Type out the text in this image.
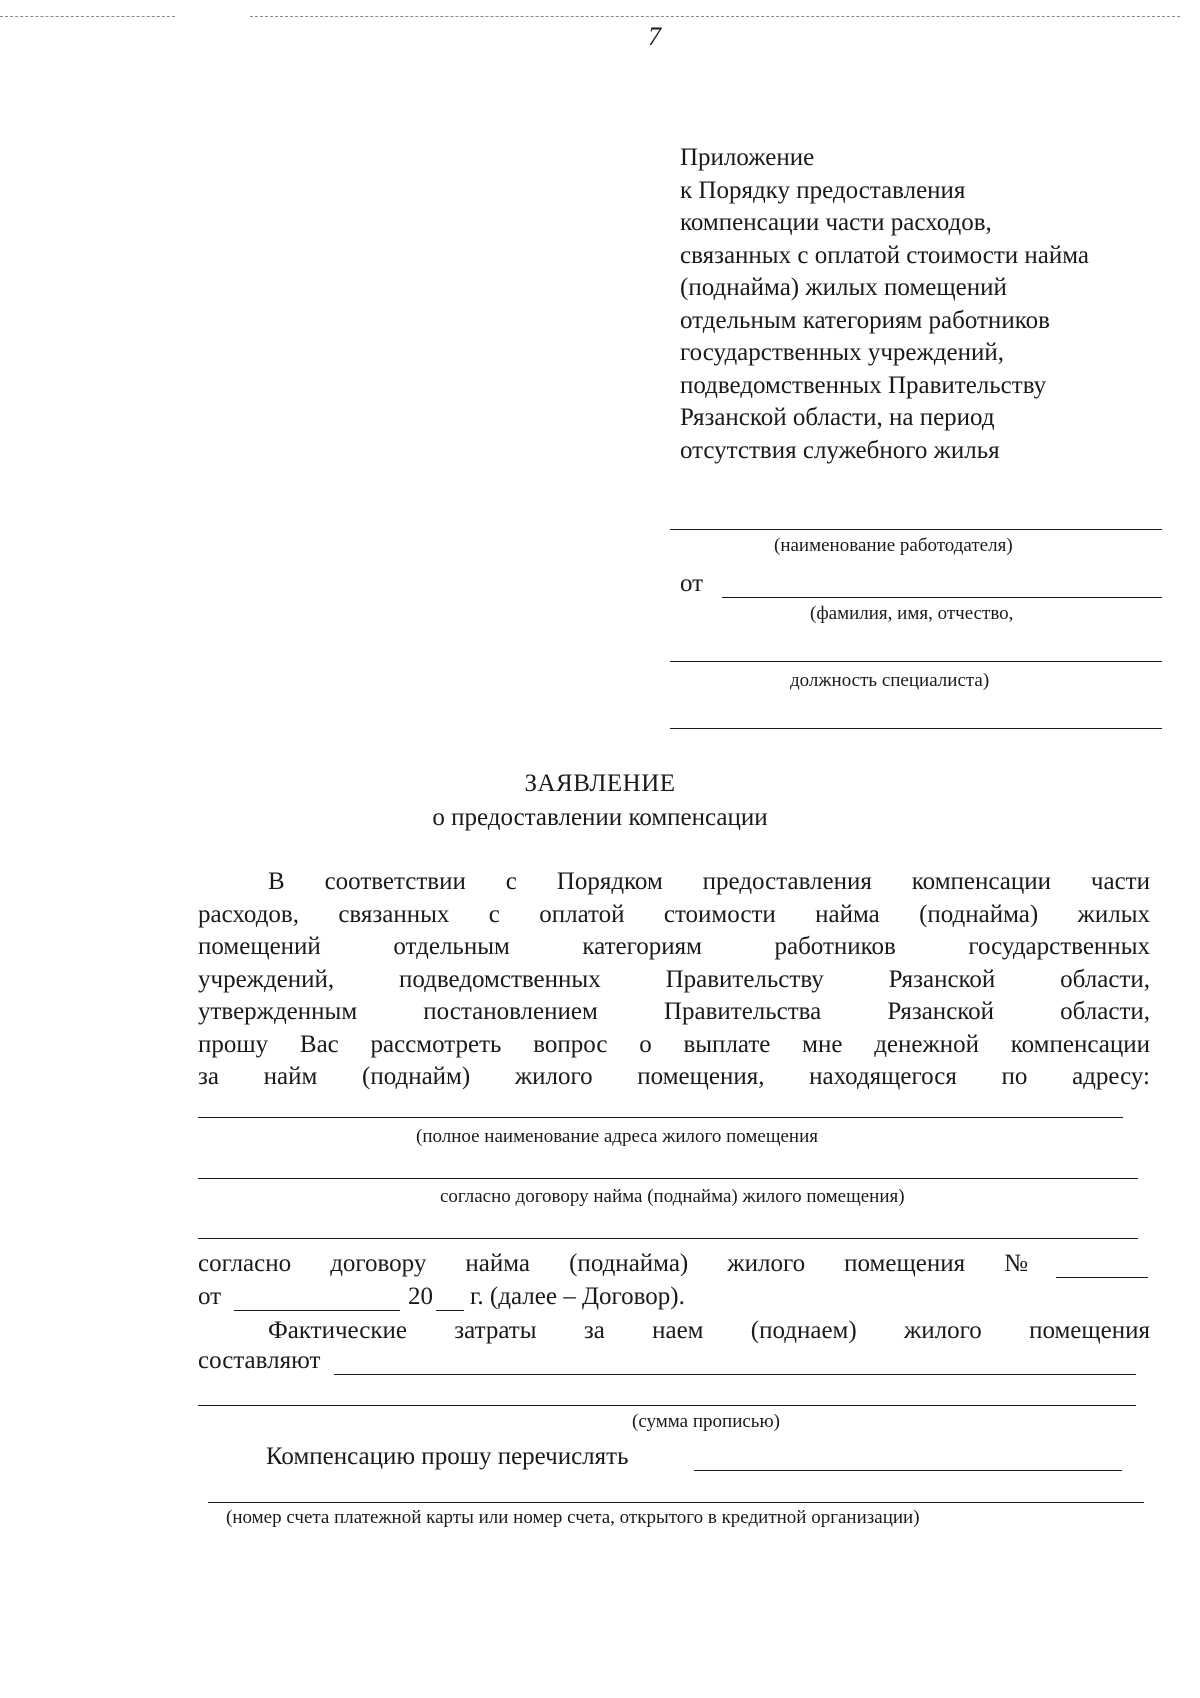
7
Приложение
к Порядку предоставления
компенсации части расходов,
связанных с оплатой стоимости найма
(поднайма) жилых помещений
отдельным категориям работников
государственных учреждений,
подведомственных Правительству
Рязанской области, на период
отсутствия служебного жилья
(наименование работодателя)
от
(фамилия, имя, отчество,
должность специалиста)
ЗАЯВЛЕНИЕ
о предоставлении компенсации
В соответствии с Порядком предоставления компенсации части
расходов, связанных с оплатой стоимости найма (поднайма) жилых
помещений отдельным категориям работников государственных
учреждений, подведомственных Правительству Рязанской области,
утвержденным постановлением Правительства Рязанской области,
прошу Вас рассмотреть вопрос о выплате мне денежной компенсации
за найм (поднайм) жилого помещения, находящегося по адресу:
(полное наименование адреса жилого помещения
согласно договору найма (поднайма) жилого помещения)
согласно договору найма (поднайма) жилого помещения №
от	20 г. (далее – Договор).
Фактические затраты за наем (поднаем) жилого помещения
составляют
(сумма прописью)
Компенсацию прошу перечислять
(номер счета платежной карты или номер счета, открытого в кредитной организации)
